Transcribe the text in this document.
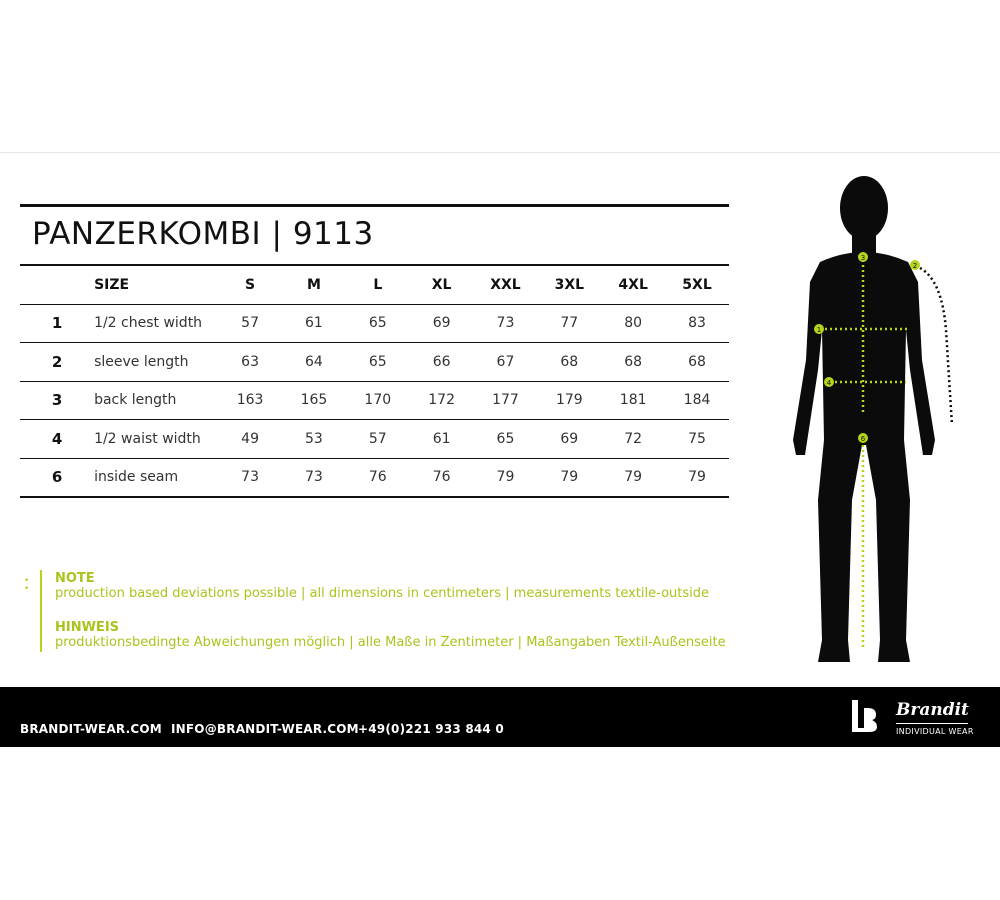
PANZERKOMBI | 9113
	SIZE	S	M	L	XL	XXL	3XL	4XL	5XL
1	1/2 chest width	57	61	65	69	73	77	80	83
2	sleeve length	63	64	65	66	67	68	68	68
3	back length	163	165	170	172	177	179	181	184
4	1/2 waist width	49	53	57	61	65	69	72	75
6	inside seam	73	73	76	76	79	79	79	79
•
•
NOTE
production based deviations possible | all dimensions in centimeters | measurements textile-outside
HINWEIS
produktionsbedingte Abweichungen möglich | alle Maße in Zentimeter | Maßangaben Textil-Außenseite
1
2
3
4
6
BRANDIT-WEAR.COM INFO@BRANDIT-WEAR.COM +49(0)221 933 844 0
Brandit
INDIVIDUAL WEAR
